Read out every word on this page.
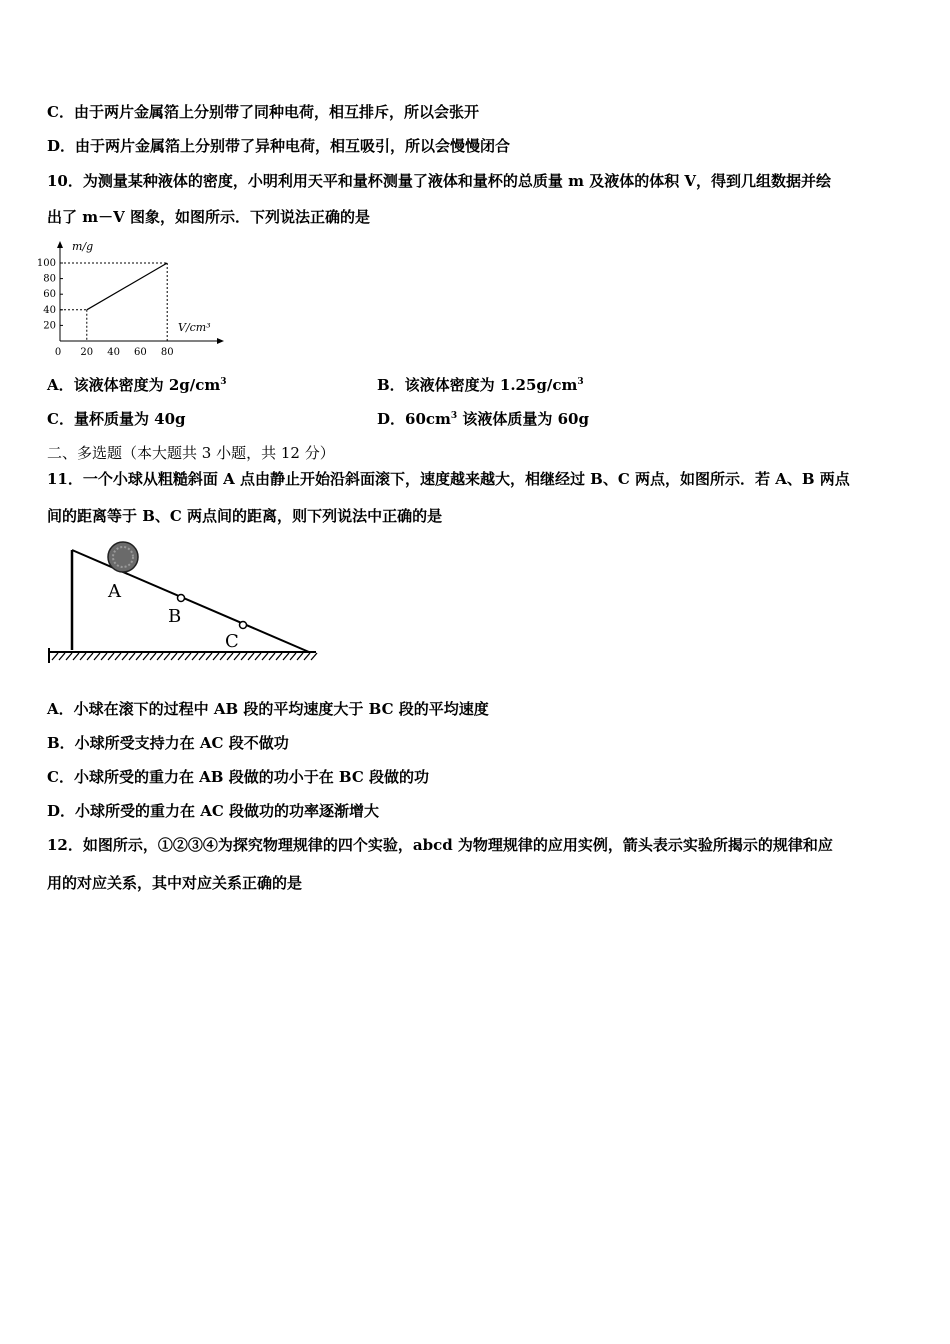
C．由于两片金属箔上分别带了同种电荷，相互排斥，所以会张开
D．由于两片金属箔上分别带了异种电荷，相互吸引，所以会慢慢闭合
10．为测量某种液体的密度，小明利用天平和量杯测量了液体和量杯的总质量 m 及液体的体积 V，得到几组数据并绘
出了 m－V 图象，如图所示．下列说法正确的是
20
40
60
80
100
0 20 40 60 80
m/g
V/cm³
A．该液体密度为 $2g/cm^3$	B．该液体密度为 $1.25g/cm^3$
C．量杯质量为 40g	D．$60cm^3$ 该液体质量为 60g
二、多选题（本大题共 3 小题，共 12 分）
11．一个小球从粗糙斜面 A 点由静止开始沿斜面滚下，速度越来越大，相继经过 B、C 两点，如图所示．若 A、B 两点
间的距离等于 B、C 两点间的距离，则下列说法中正确的是
A
B
C
A．小球在滚下的过程中 AB 段的平均速度大于 BC 段的平均速度
B．小球所受支持力在 AC 段不做功
C．小球所受的重力在 AB 段做的功小于在 BC 段做的功
D．小球所受的重力在 AC 段做功的功率逐渐增大
12．如图所示，①②③④为探究物理规律的四个实验，abcd 为物理规律的应用实例，箭头表示实验所揭示的规律和应
用的对应关系，其中对应关系正确的是
